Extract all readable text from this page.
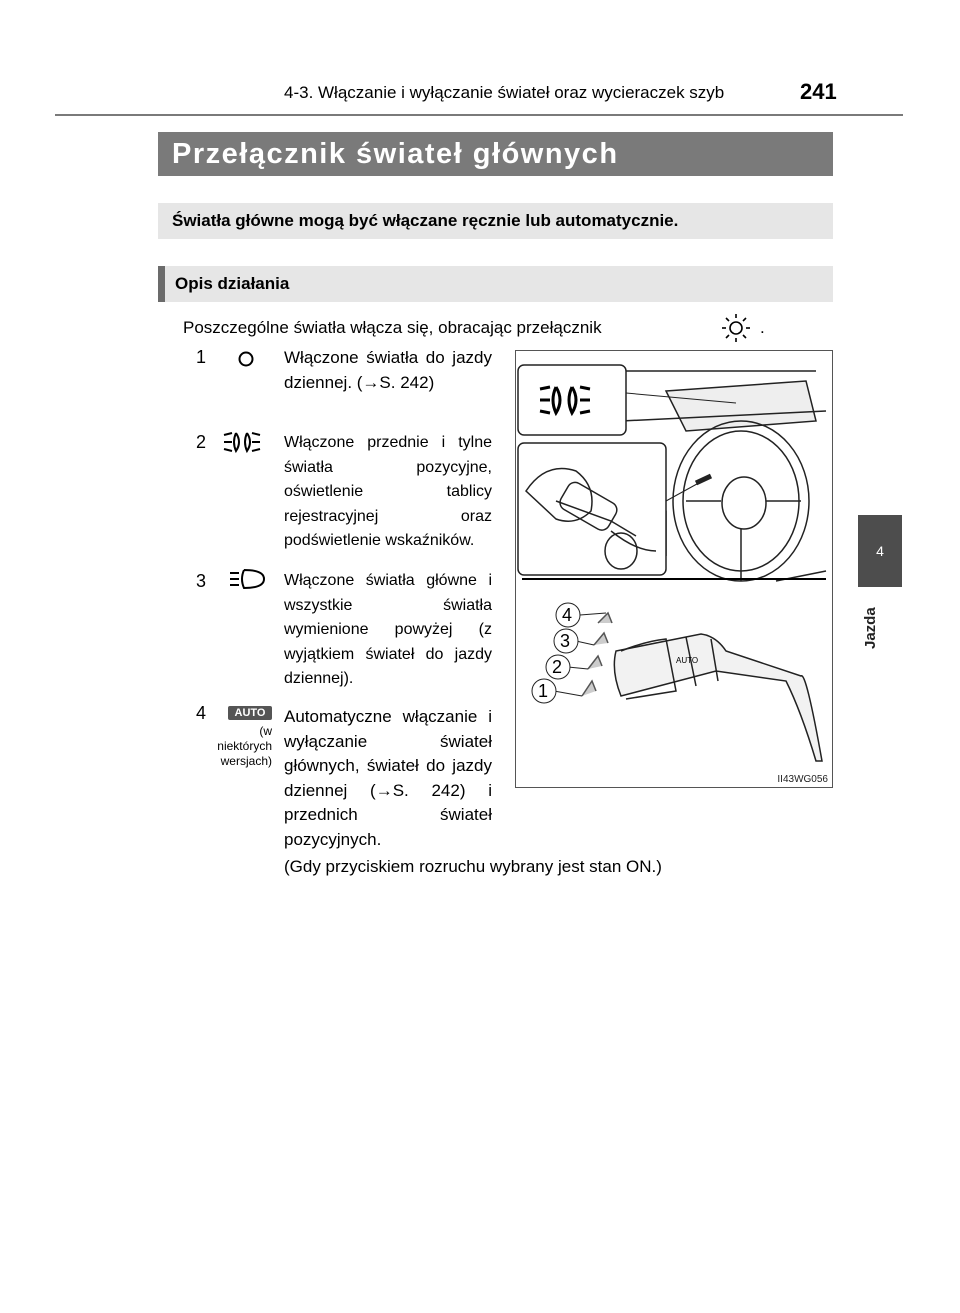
4-3. Włączanie i wyłączanie świateł oraz wycieraczek szyb	241
4
Jazda
Przełącznik świateł głównych
Światła główne mogą być włączane ręcznie lub automatycznie.
Opis działania
Poszczególne światła włącza się, obracając przełącznik	.
1	Włączone światła do jazdy dziennej. (→S. 242)
2	Włączone przednie i tylne światła pozycyjne, oświetlenie tablicy rejestracyjnej oraz podświetlenie wskaźników.
3	Włączone światła główne i wszystkie światła wymienione powyżej (z wyjątkiem świateł do jazdy dziennej).
4	AUTO
(w niektórych wersjach)
Automatyczne włączanie i wyłączanie świateł głównych, świateł do jazdy dziennej (→S. 242) i przednich świateł pozycyjnych.
(Gdy przyciskiem rozruchu wybrany jest stan ON.)
AUTO
1
2
3
4
II43WG056
